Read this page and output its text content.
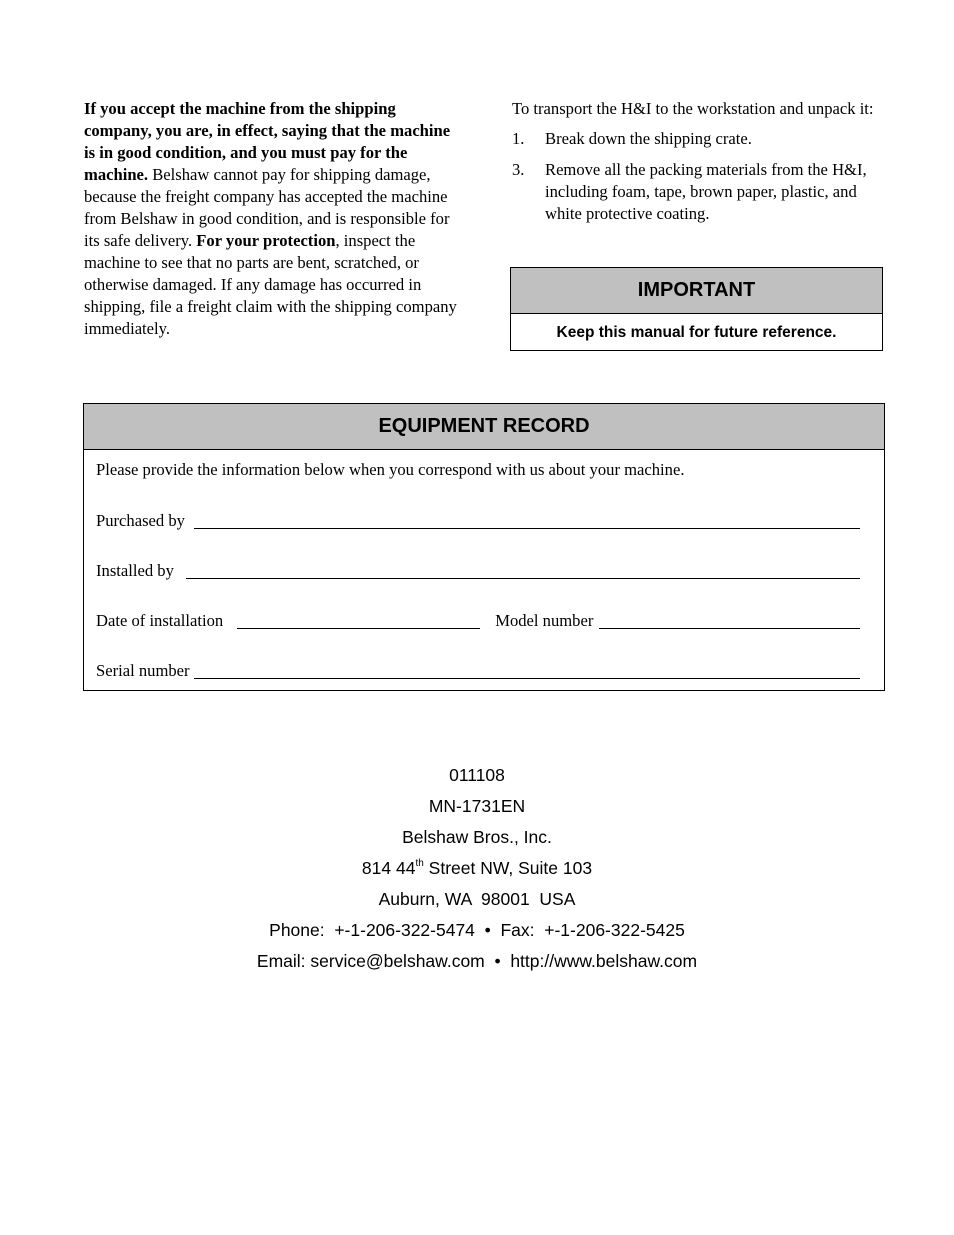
If you accept the machine from the shipping company, you are, in effect, saying that the machine is in good condition, and you must pay for the machine. Belshaw cannot pay for shipping damage, because the freight company has accepted the machine from Belshaw in good condition, and is responsible for its safe delivery. For your protection, inspect the machine to see that no parts are bent, scratched, or otherwise damaged. If any damage has occurred in shipping, file a freight claim with the shipping company immediately.

To transport the H&I to the workstation and unpack it:

1. Break down the shipping crate.
3. Remove all the packing materials from the H&I, including foam, tape, brown paper, plastic, and white protective coating.
IMPORTANT
Keep this manual for future reference.
EQUIPMENT RECORD
Please provide the information below when you correspond with us about your machine.
Purchased by
Installed by
Date of installation	Model number
Serial number
011108
MN-1731EN
Belshaw Bros., Inc.
814 44th Street NW, Suite 103
Auburn, WA  98001  USA
Phone:  +-1-206-322-5474  •  Fax:  +-1-206-322-5425
Email: service@belshaw.com  •  http://www.belshaw.com
